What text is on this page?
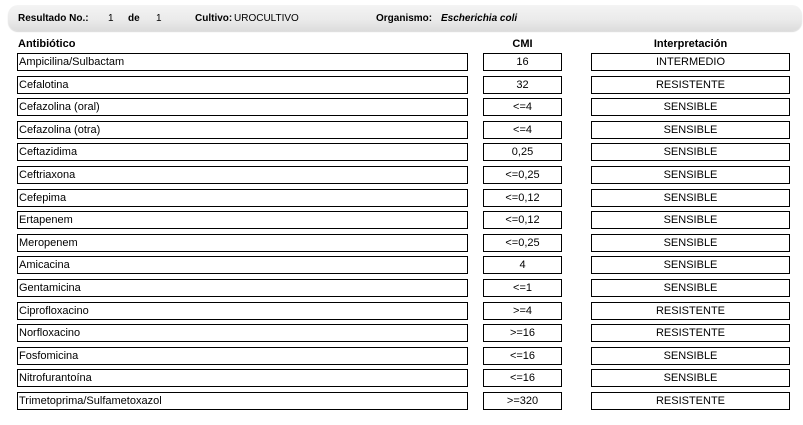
Resultado No.: 1 de 1	Cultivo: UROCULTIVO	Organismo: Escherichia coli
Antibiótico	CMI	Interpretación
Ampicilina/Sulbactam	16	INTERMEDIO
Cefalotina	32	RESISTENTE
Cefazolina (oral)	<=4	SENSIBLE
Cefazolina (otra)	<=4	SENSIBLE
Ceftazidima	0,25	SENSIBLE
Ceftriaxona	<=0,25	SENSIBLE
Cefepima	<=0,12	SENSIBLE
Ertapenem	<=0,12	SENSIBLE
Meropenem	<=0,25	SENSIBLE
Amicacina	4	SENSIBLE
Gentamicina	<=1	SENSIBLE
Ciprofloxacino	>=4	RESISTENTE
Norfloxacino	>=16	RESISTENTE
Fosfomicina	<=16	SENSIBLE
Nitrofurantoína	<=16	SENSIBLE
Trimetoprima/Sulfametoxazol	>=320	RESISTENTE
